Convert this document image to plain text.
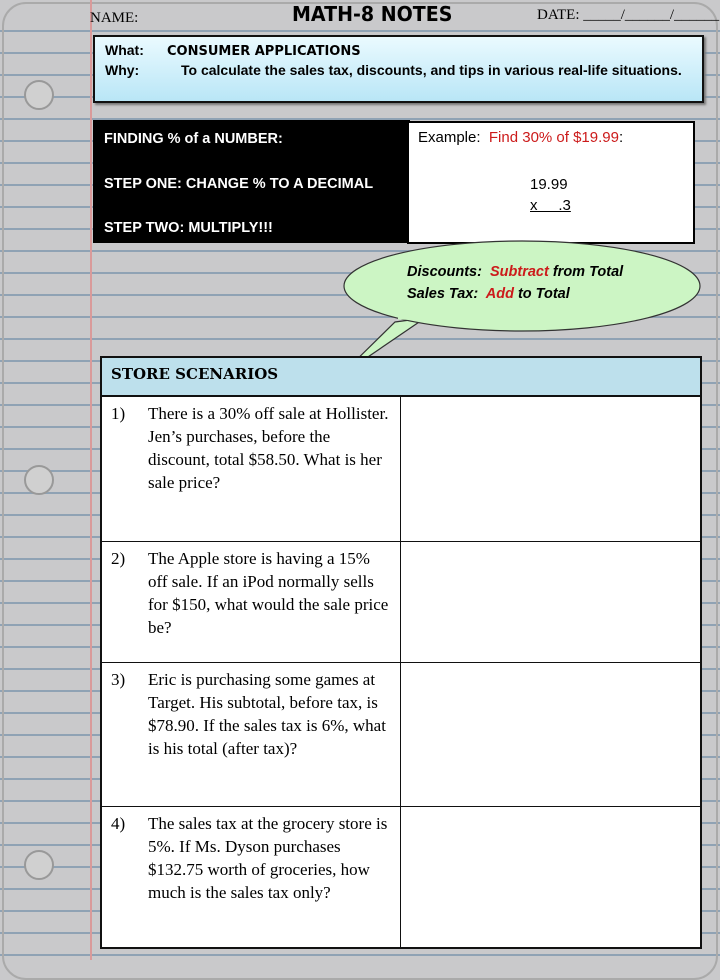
NAME:	MATH-8 NOTES	DATE: _____/______/______
What: CONSUMER APPLICATIONS
Why:	To calculate the sales tax, discounts, and tips in various real-life situations.
FINDING % of a NUMBER:
STEP ONE: CHANGE % TO A DECIMAL
STEP TWO: MULTIPLY!!!
Example: Find 30% of $19.99:
19.99
x     .3
Discounts: Subtract from Total
Sales Tax: Add to Total
STORE SCENARIOS
1)	There is a 30% off sale at Hollister. Jen’s purchases, before the discount, total $58.50. What is her sale price?
2)	The Apple store is having a 15% off sale. If an iPod normally sells for $150, what would the sale price be?
3)	Eric is purchasing some games at Target. His subtotal, before tax, is $78.90. If the sales tax is 6%, what is his total (after tax)?
4)	The sales tax at the grocery store is 5%. If Ms. Dyson purchases $132.75 worth of groceries, how much is the sales tax only?
